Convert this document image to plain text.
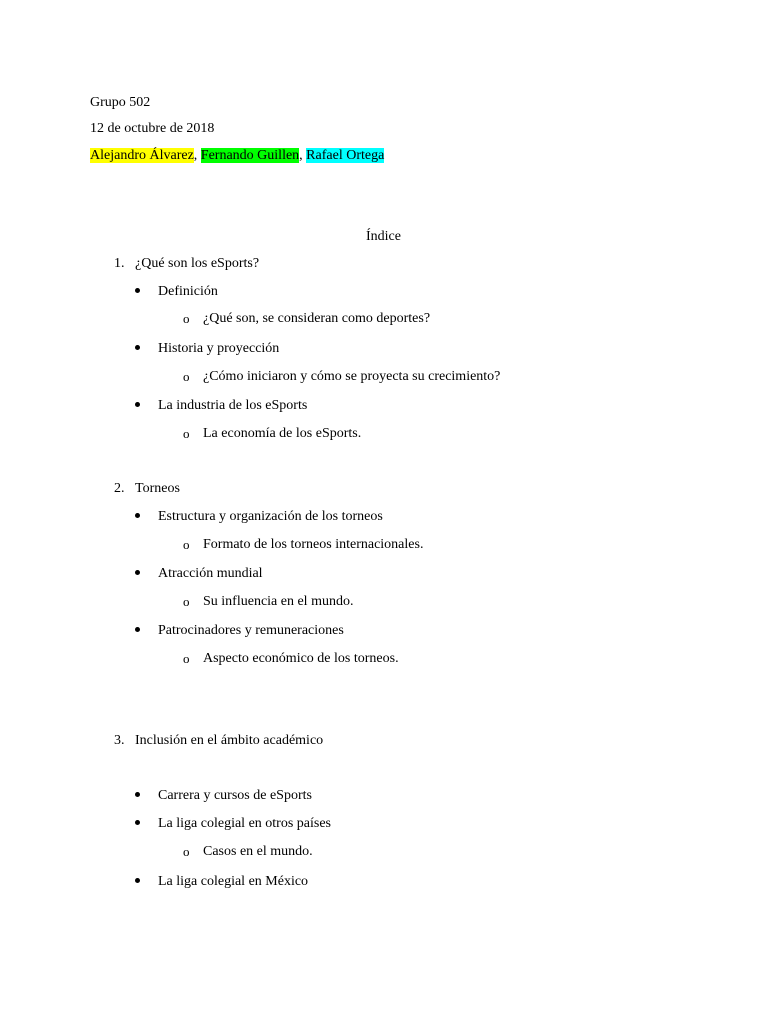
Grupo 502
12 de octubre de 2018
Alejandro Álvarez, Fernando Guillen, Rafael Ortega
Índice
1. ¿Qué son los eSports?
Definición
o ¿Qué son, se consideran como deportes?
Historia y proyección
o ¿Cómo iniciaron y cómo se proyecta su crecimiento?
La industria de los eSports
o La economía de los eSports.
2. Torneos
Estructura y organización de los torneos
o Formato de los torneos internacionales.
Atracción mundial
o Su influencia en el mundo.
Patrocinadores y remuneraciones
o Aspecto económico de los torneos.
3. Inclusión en el ámbito académico
Carrera y cursos de eSports
La liga colegial en otros países
o Casos en el mundo.
La liga colegial en México
